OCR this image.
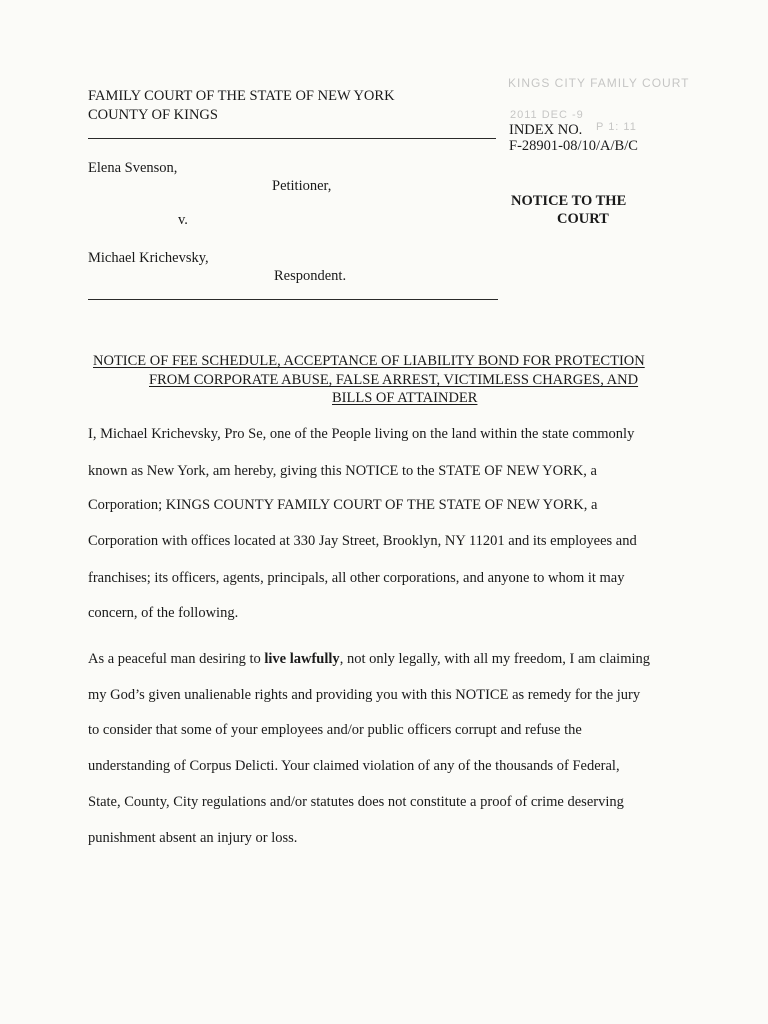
KINGS CITY FAMILY COURT
2011 DEC -9
P 1: 11
FAMILY COURT OF THE STATE OF NEW YORK
COUNTY OF KINGS
INDEX NO.
F-28901-08/10/A/B/C
Elena Svenson,
Petitioner,
v.
Michael Krichevsky,
Respondent.
NOTICE TO THE
COURT
NOTICE OF FEE SCHEDULE, ACCEPTANCE OF LIABILITY BOND FOR PROTECTION
FROM CORPORATE ABUSE, FALSE ARREST, VICTIMLESS CHARGES, AND
BILLS OF ATTAINDER
I, Michael Krichevsky, Pro Se, one of the People living on the land within the state commonly
known as New York, am hereby, giving this NOTICE to the STATE OF NEW YORK, a
Corporation; KINGS COUNTY FAMILY COURT OF THE STATE OF NEW YORK, a
Corporation with offices located at 330 Jay Street, Brooklyn, NY 11201 and its employees and
franchises; its officers, agents, principals, all other corporations, and anyone to whom it may
concern, of the following.
As a peaceful man desiring to live lawfully, not only legally, with all my freedom, I am claiming
my God’s given unalienable rights and providing you with this NOTICE as remedy for the jury
to consider that some of your employees and/or public officers corrupt and refuse the
understanding of Corpus Delicti. Your claimed violation of any of the thousands of Federal,
State, County, City regulations and/or statutes does not constitute a proof of crime deserving
punishment absent an injury or loss.
